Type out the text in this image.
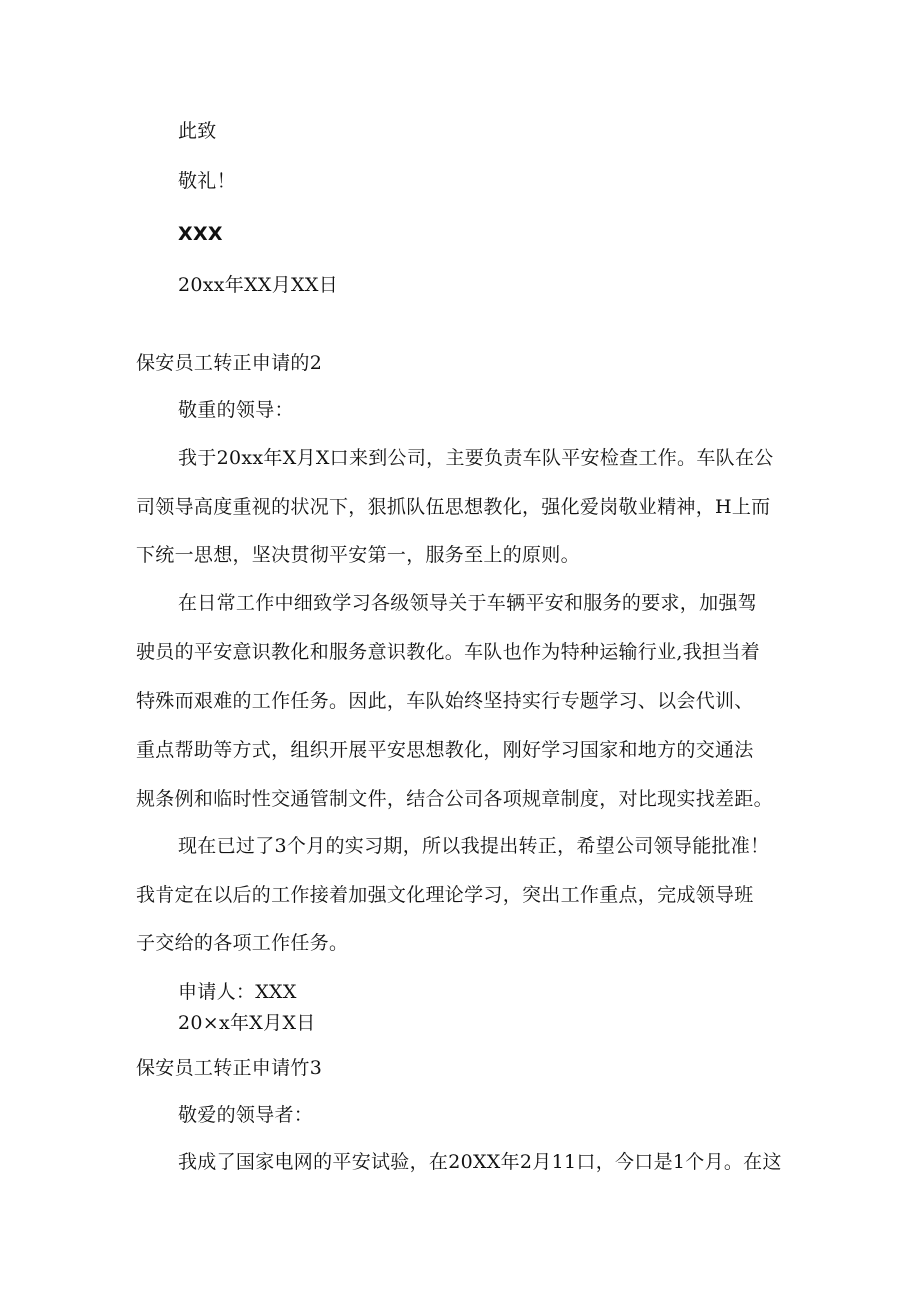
此致
敬礼！
XXX
20xx年XX月XX日
保安员工转正申请的2
敬重的领导：
我于20xx年X月X口来到公司，主要负责车队平安检查工作。车队在公
司领导高度重视的状况下，狠抓队伍思想教化，强化爱岗敬业精神，H上而
下统一思想，坚决贯彻平安第一，服务至上的原则。
在日常工作中细致学习各级领导关于车辆平安和服务的要求，加强驾
驶员的平安意识教化和服务意识教化。车队也作为特种运输行业,我担当着
特殊而艰难的工作任务。因此，车队始终坚持实行专题学习、以会代训、
重点帮助等方式，组织开展平安思想教化，刚好学习国家和地方的交通法
规条例和临时性交通管制文件，结合公司各项规章制度，对比现实找差距。
现在已过了3个月的实习期，所以我提出转正，希望公司领导能批准！
我肯定在以后的工作接着加强文化理论学习，突出工作重点，完成领导班
子交给的各项工作任务。
申请人：XXX
20×x年X月X日
保安员工转正申请竹3
敬爱的领导者：
我成了国家电网的平安试验，在20XX年2月11口，今口是1个月。在这
